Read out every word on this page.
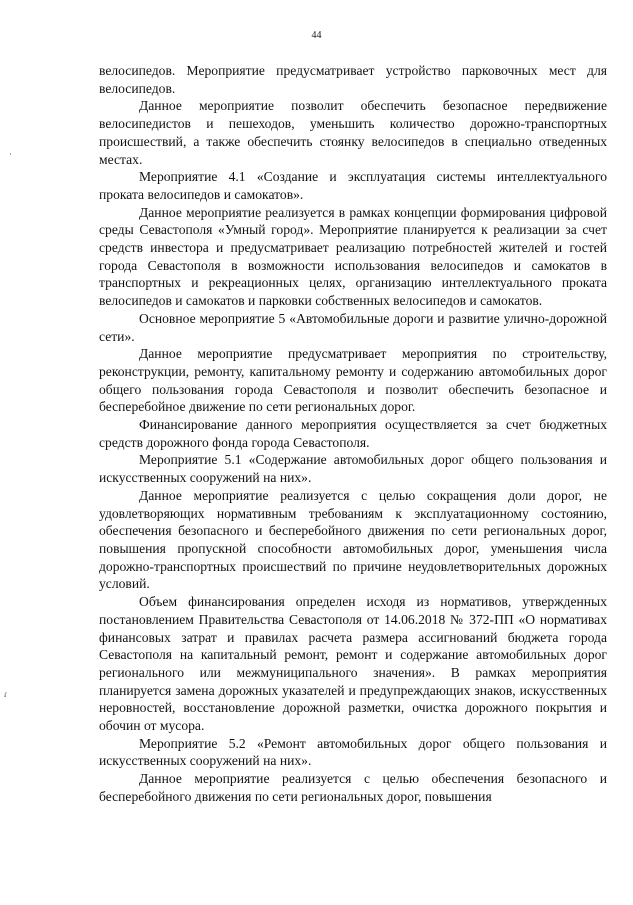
44
·
ɾ

велосипедов. Мероприятие предусматривает устройство парковочных мест для велосипедов.

Данное мероприятие позволит обеспечить безопасное передвижение велосипедистов и пешеходов, уменьшить количество дорожно-транспортных происшествий, а также обеспечить стоянку велосипедов в специально отведенных местах.

Мероприятие 4.1 «Создание и эксплуатация системы интеллектуального проката велосипедов и самокатов».

Данное мероприятие реализуется в рамках концепции формирования цифровой среды Севастополя «Умный город». Мероприятие планируется к реализации за счет средств инвестора и предусматривает реализацию потребностей жителей и гостей города Севастополя в возможности использования велосипедов и самокатов в транспортных и рекреационных целях, организацию интеллектуального проката велосипедов и самокатов и парковки собственных велосипедов и самокатов.

Основное мероприятие 5 «Автомобильные дороги и развитие улично-дорожной сети».

Данное мероприятие предусматривает мероприятия по строительству, реконструкции, ремонту, капитальному ремонту и содержанию автомобильных дорог общего пользования города Севастополя и позволит обеспечить безопасное и бесперебойное движение по сети региональных дорог.

Финансирование данного мероприятия осуществляется за счет бюджетных средств дорожного фонда города Севастополя.

Мероприятие 5.1 «Содержание автомобильных дорог общего пользования и искусственных сооружений на них».

Данное мероприятие реализуется с целью сокращения доли дорог, не удовлетворяющих нормативным требованиям к эксплуатационному состоянию, обеспечения безопасного и бесперебойного движения по сети региональных дорог, повышения пропускной способности автомобильных дорог, уменьшения числа дорожно-транспортных происшествий по причине неудовлетворительных дорожных условий.

Объем финансирования определен исходя из нормативов, утвержденных постановлением Правительства Севастополя от 14.06.2018 № 372-ПП «О нормативах финансовых затрат и правилах расчета размера ассигнований бюджета города Севастополя на капитальный ремонт, ремонт и содержание автомобильных дорог регионального или межмуниципального значения». В рамках мероприятия планируется замена дорожных указателей и предупреждающих знаков, искусственных неровностей, восстановление дорожной разметки, очистка дорожного покрытия и обочин от мусора.

Мероприятие 5.2 «Ремонт автомобильных дорог общего пользования и искусственных сооружений на них».

Данное мероприятие реализуется с целью обеспечения безопасного и бесперебойного движения по сети региональных дорог, повышения
